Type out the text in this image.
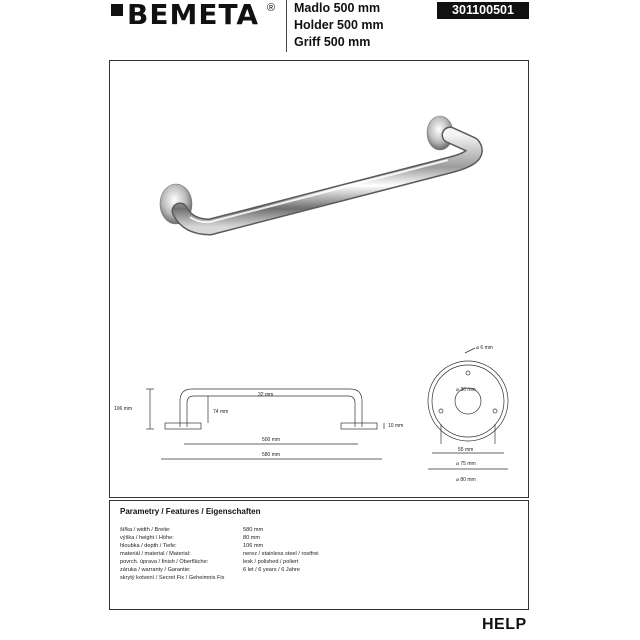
BEMETA ® Madlo 500 mm
Holder 500 mm
Griff 500 mm
301100501
106 mm
32 mm
74 mm
10 mm
500 mm
580 mm
⌀ 6 mm
⌀ 30 mm
55 mm
⌀ 75 mm
⌀ 80 mm
Parametry / Features / Eigenschaften
šířka / width / Breite:	580 mm
výška / height / Höhe:	80 mm
hloubka / depth / Tiefe:	106 mm
materiál / material / Material:	nerez / stainless steel / rostfrei
povrch. úprava / finish / Oberfläche:	lesk / polished / poliert
záruka / warranty / Garantie:	6 let / 6 years / 6 Jahre
skrytý kotvení / Secret Fix / Geheimnis Fix
HELP
